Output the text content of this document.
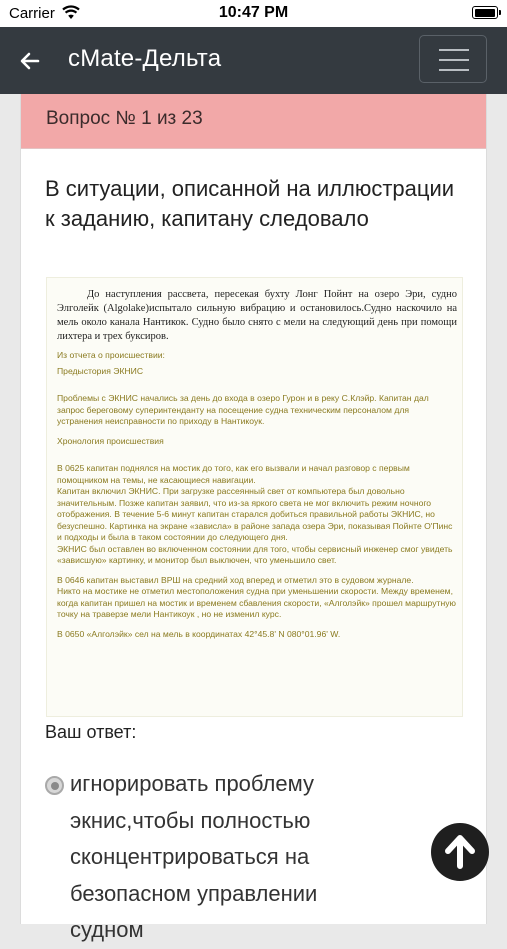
Carrier	10:47 PM
cMate-Дельта
Вопрос № 1 из 23
В ситуации, описанной на иллюстрации к заданию, капитану следовало
До наступления рассвета, пересекая бухту Лонг Пойнт на озеро Эри, судно Элголейк (Algolake)испытало сильную вибрацию и остановилось.Судно наскочило на мель около канала Нантикок. Судно было снято с мели на следующий день при помощи лихтера и трех буксиров.

Из отчета о происшествии:

Предыстория ЭКНИС

Проблемы с ЭКНИС начались за день до входа в озеро Гурон и в реку С.Клэйр. Капитан дал запрос береговому суперинтенданту на посещение судна техническим персоналом для устранения неисправности по приходу в Нантикоук.

Хронология происшествия

В 0625 капитан поднялся на мостик до того, как его вызвали и начал разговор с первым помощником на темы, не касающиеся навигации.

Капитан включил ЭКНИС. При загрузке рассеянный свет от компьютера был довольно значительным. Позже капитан заявил, что из-за яркого света не мог включить режим ночного отображения. В течение 5-6 минут капитан старался добиться правильной работы ЭКНИС, но безуспешно. Картинка на экране «зависла» в районе запада озера Эри, показывая Пойнте О'Пинс и подходы и была в таком состоянии до следующего дня.

ЭКНИС был оставлен во включенном состоянии для того, чтобы сервисный инженер смог увидеть «зависшую» картинку, и монитор был выключен, что уменьшило свет.

В 0646 капитан выставил ВРШ на средний ход вперед и отметил это в судовом журнале.

Никто на мостике не отметил местоположения судна при уменьшении скорости. Между временем, когда капитан пришел на мостик и временем сбавления скорости, «Алголэйк» прошел маршрутную точку на траверзе мели Нантикоук , но не изменил курс.

В 0650 «Алголэйк» сел на мель в координатах 42°45.8' N 080°01.96' W.

Ваш ответ:
игнорировать проблему экнис,чтобы полностью сконцентрироваться на безопасном управлении судном
